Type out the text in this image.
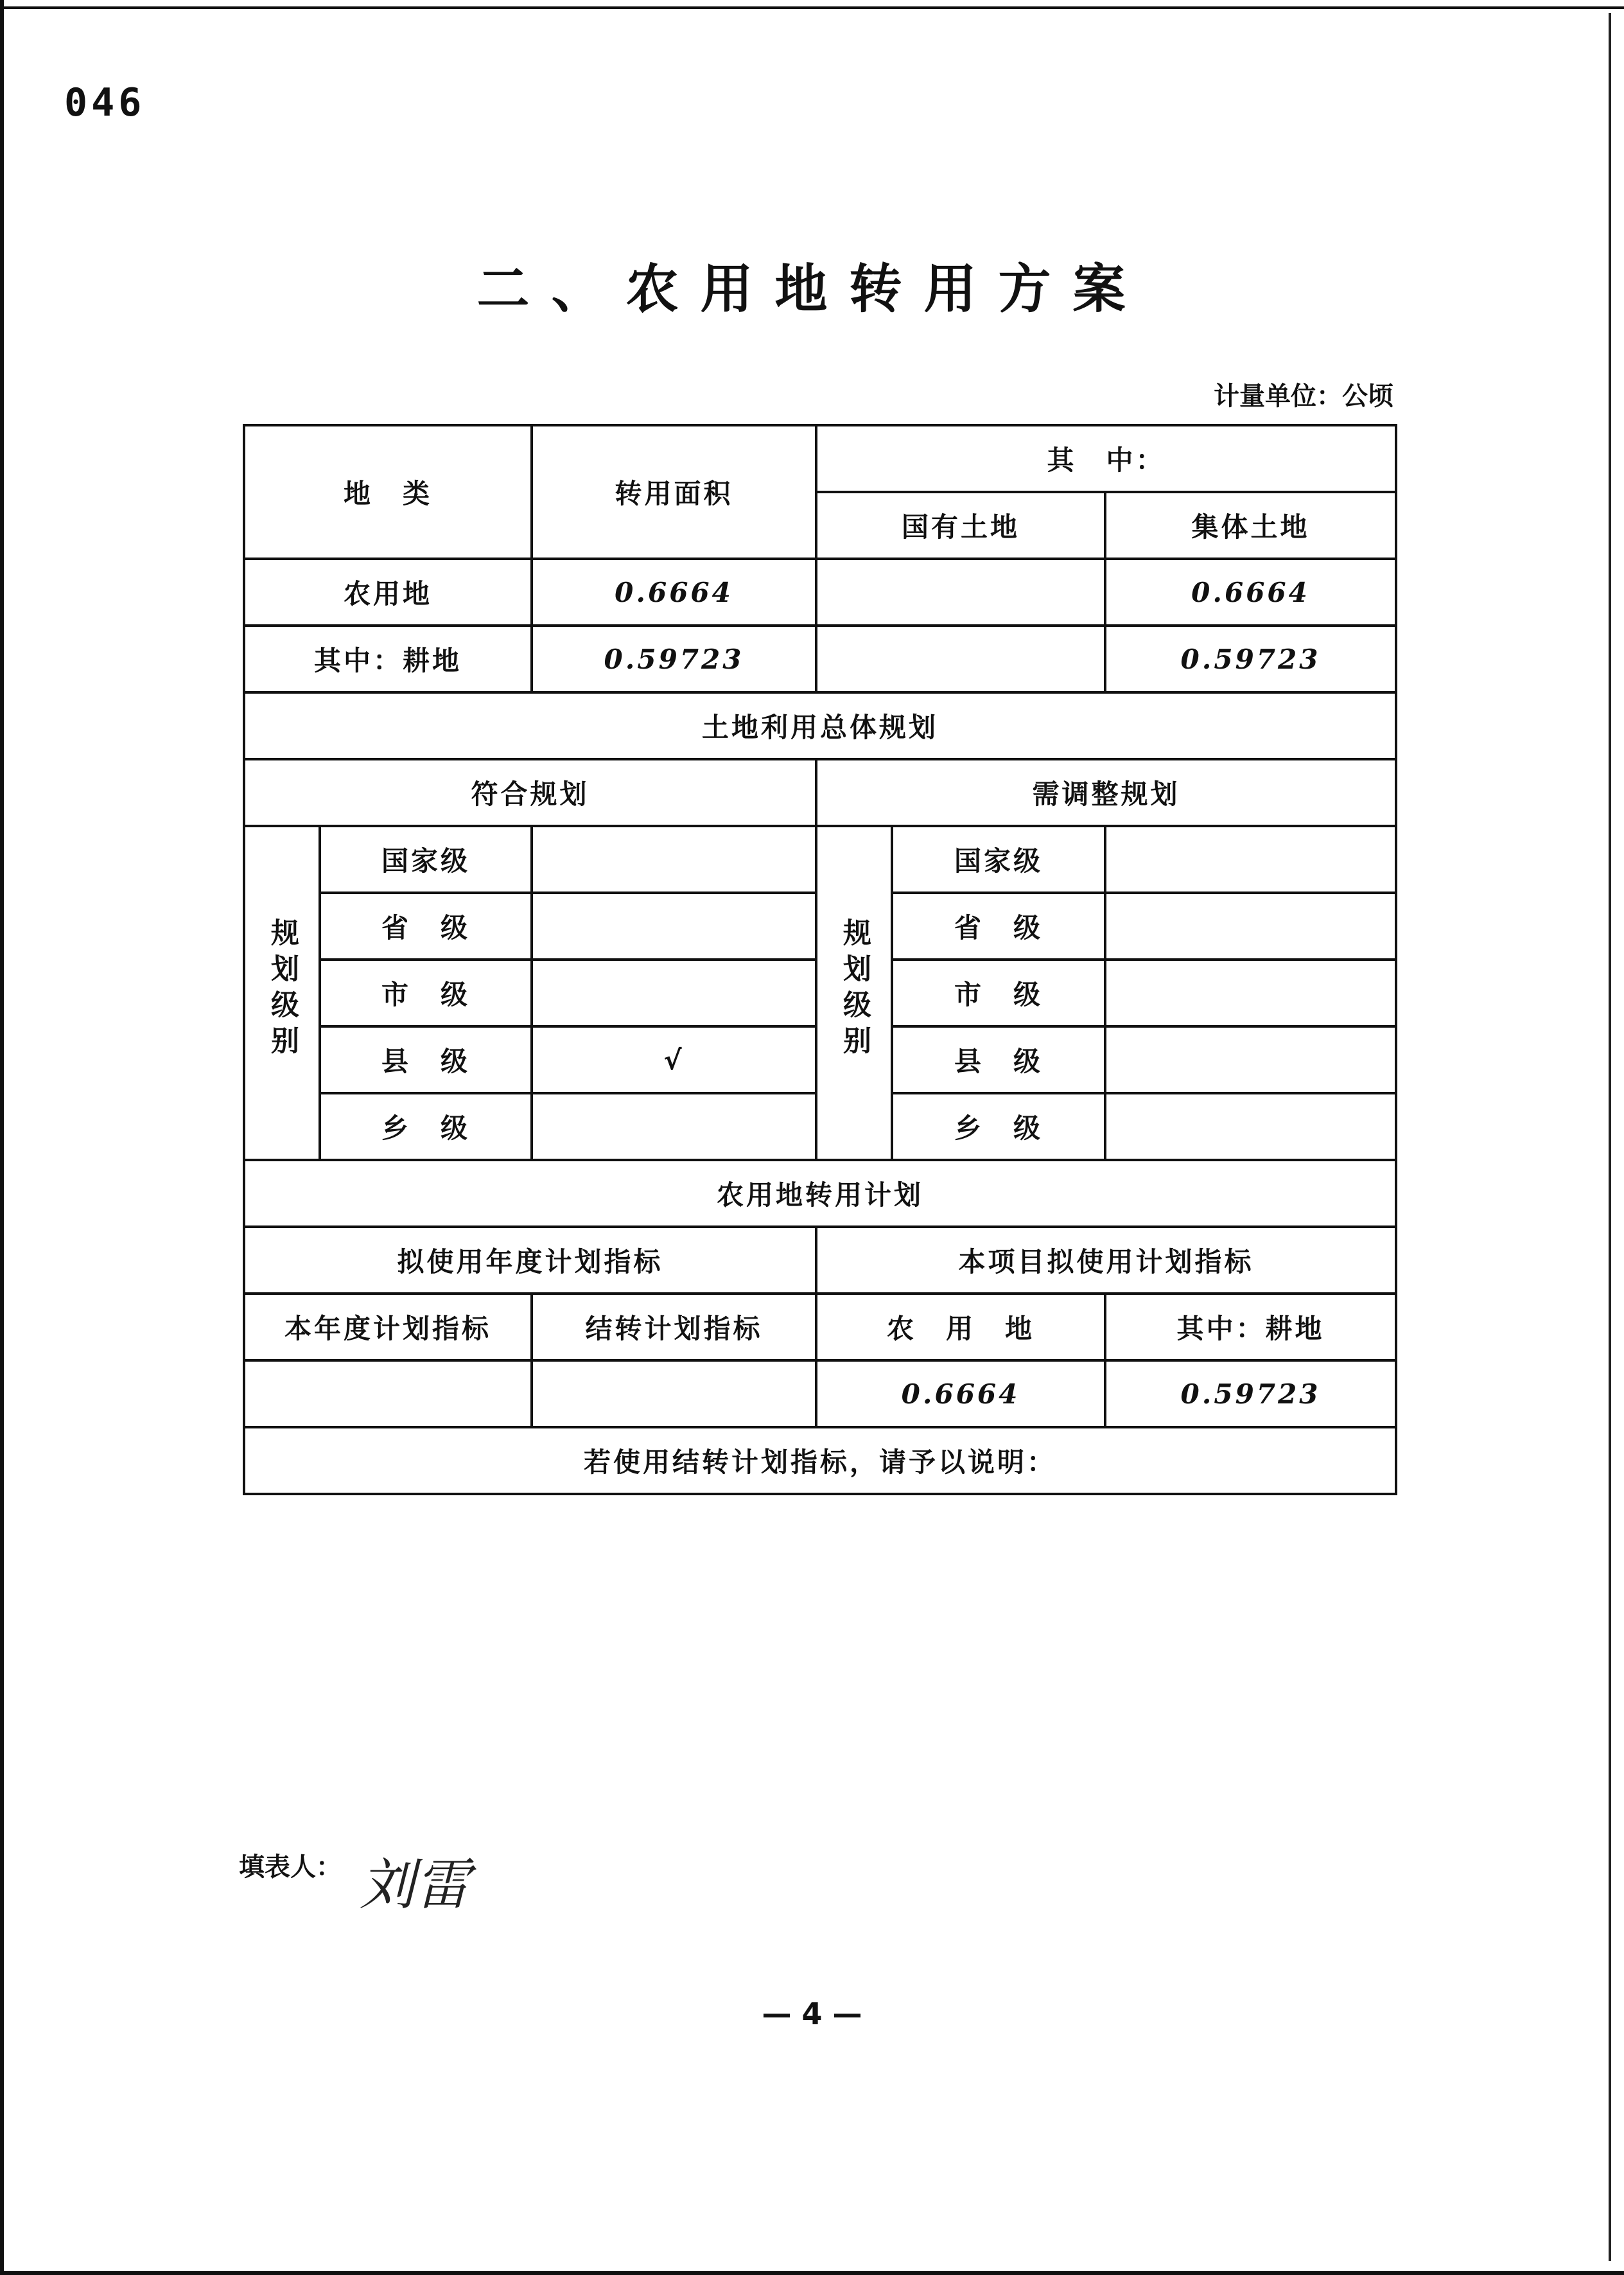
046
二、农用地转用方案
计量单位：公顷
地　类		转用面积	其　中：		
			国有土地		集体土地
农用地		0.6664			0.6664
其中：耕地		0.59723			0.59723
土地利用总体规划					
符合规划			需调整规划		
规划级别	国家级		规划级别	国家级	
	省　级			省　级	
	市　级			市　级	
	县　级	√		县　级	
	乡　级			乡　级	
农用地转用计划					
拟使用年度计划指标			本项目拟使用计划指标		
本年度计划指标		结转计划指标	农　用　地		其中：耕地
			0.6664		0.59723
若使用结转计划指标，请予以说明：					
填表人： 刘雷
— 4 —
